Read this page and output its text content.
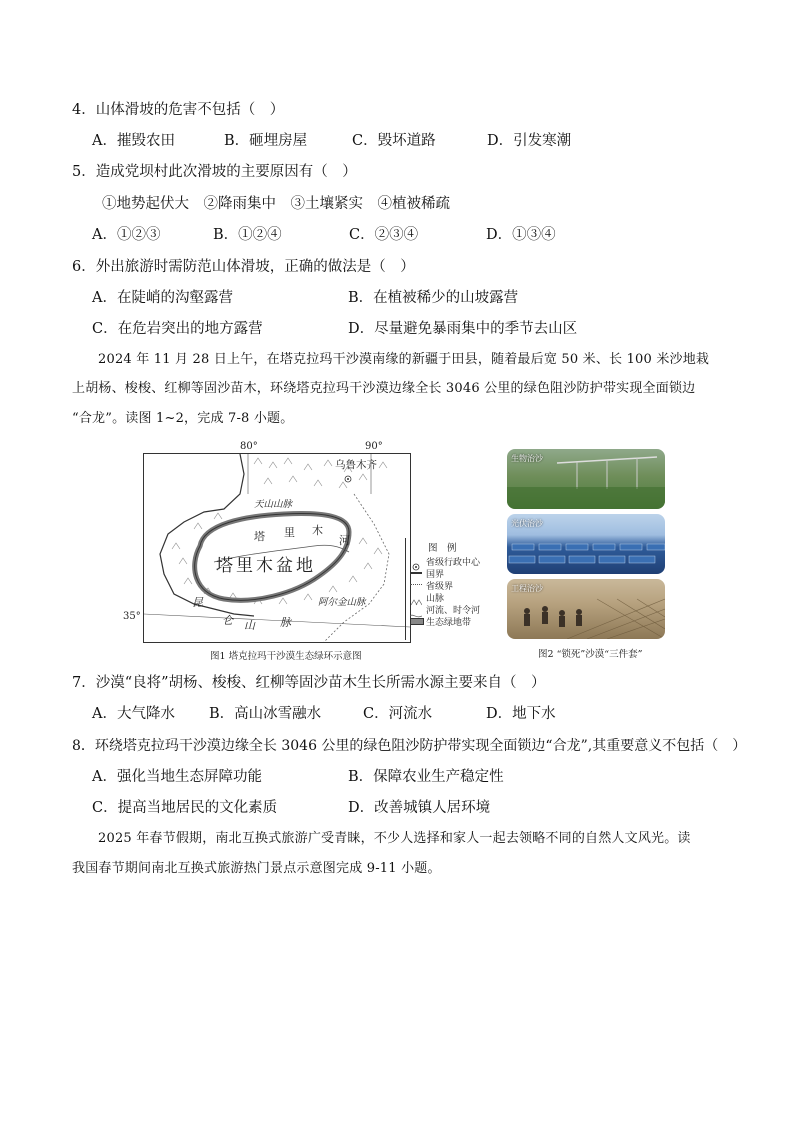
4．山体滑坡的危害不包括（　）
A．摧毁农田	B．砸埋房屋	C．毁坏道路	D．引发寒潮
5．造成党坝村此次滑坡的主要原因有（　）
①地势起伏大　②降雨集中　③土壤紧实　④植被稀疏
A．①②③	B．①②④	C．②③④	D．①③④
6．外出旅游时需防范山体滑坡，正确的做法是（　）
A．在陡峭的沟壑露营	B．在植被稀少的山坡露营
C．在危岩突出的地方露营	D．尽量避免暴雨集中的季节去山区
2024 年 11 月 28 日上午，在塔克拉玛干沙漠南缘的新疆于田县，随着最后宽 50 米、长 100 米沙地栽
上胡杨、梭梭、红柳等固沙苗木，环绕塔克拉玛干沙漠边缘全长 3046 公里的绿色阻沙防护带实现全面锁边
“合龙”。读图 1~2，完成 7-8 小题。
80°	90°
35°
乌鲁木齐
天山山脉
塔 里 木
河
塔里木盆地
昆
仑 山 脉
阿尔金山脉
图　例
省级行政中心
国界
省级界
山脉
河流、时令河
生态绿地带
图1 塔克拉玛干沙漠生态绿环示意图
生物治沙
光伏治沙
工程治沙
图2 “锁死”沙漠“三件套”
7．沙漠“良将”胡杨、梭梭、红柳等固沙苗木生长所需水源主要来自（　）
A．大气降水 B．高山冰雪融水	C．河流水	D．地下水
8．环绕塔克拉玛干沙漠边缘全长 3046 公里的绿色阻沙防护带实现全面锁边“合龙”,其重要意义不包括（　）
A．强化当地生态屏障功能	B．保障农业生产稳定性
C．提高当地居民的文化素质	D．改善城镇人居环境
2025 年春节假期，南北互换式旅游广受青睐，不少人选择和家人一起去领略不同的自然人文风光。读
我国春节期间南北互换式旅游热门景点示意图完成 9-11 小题。
